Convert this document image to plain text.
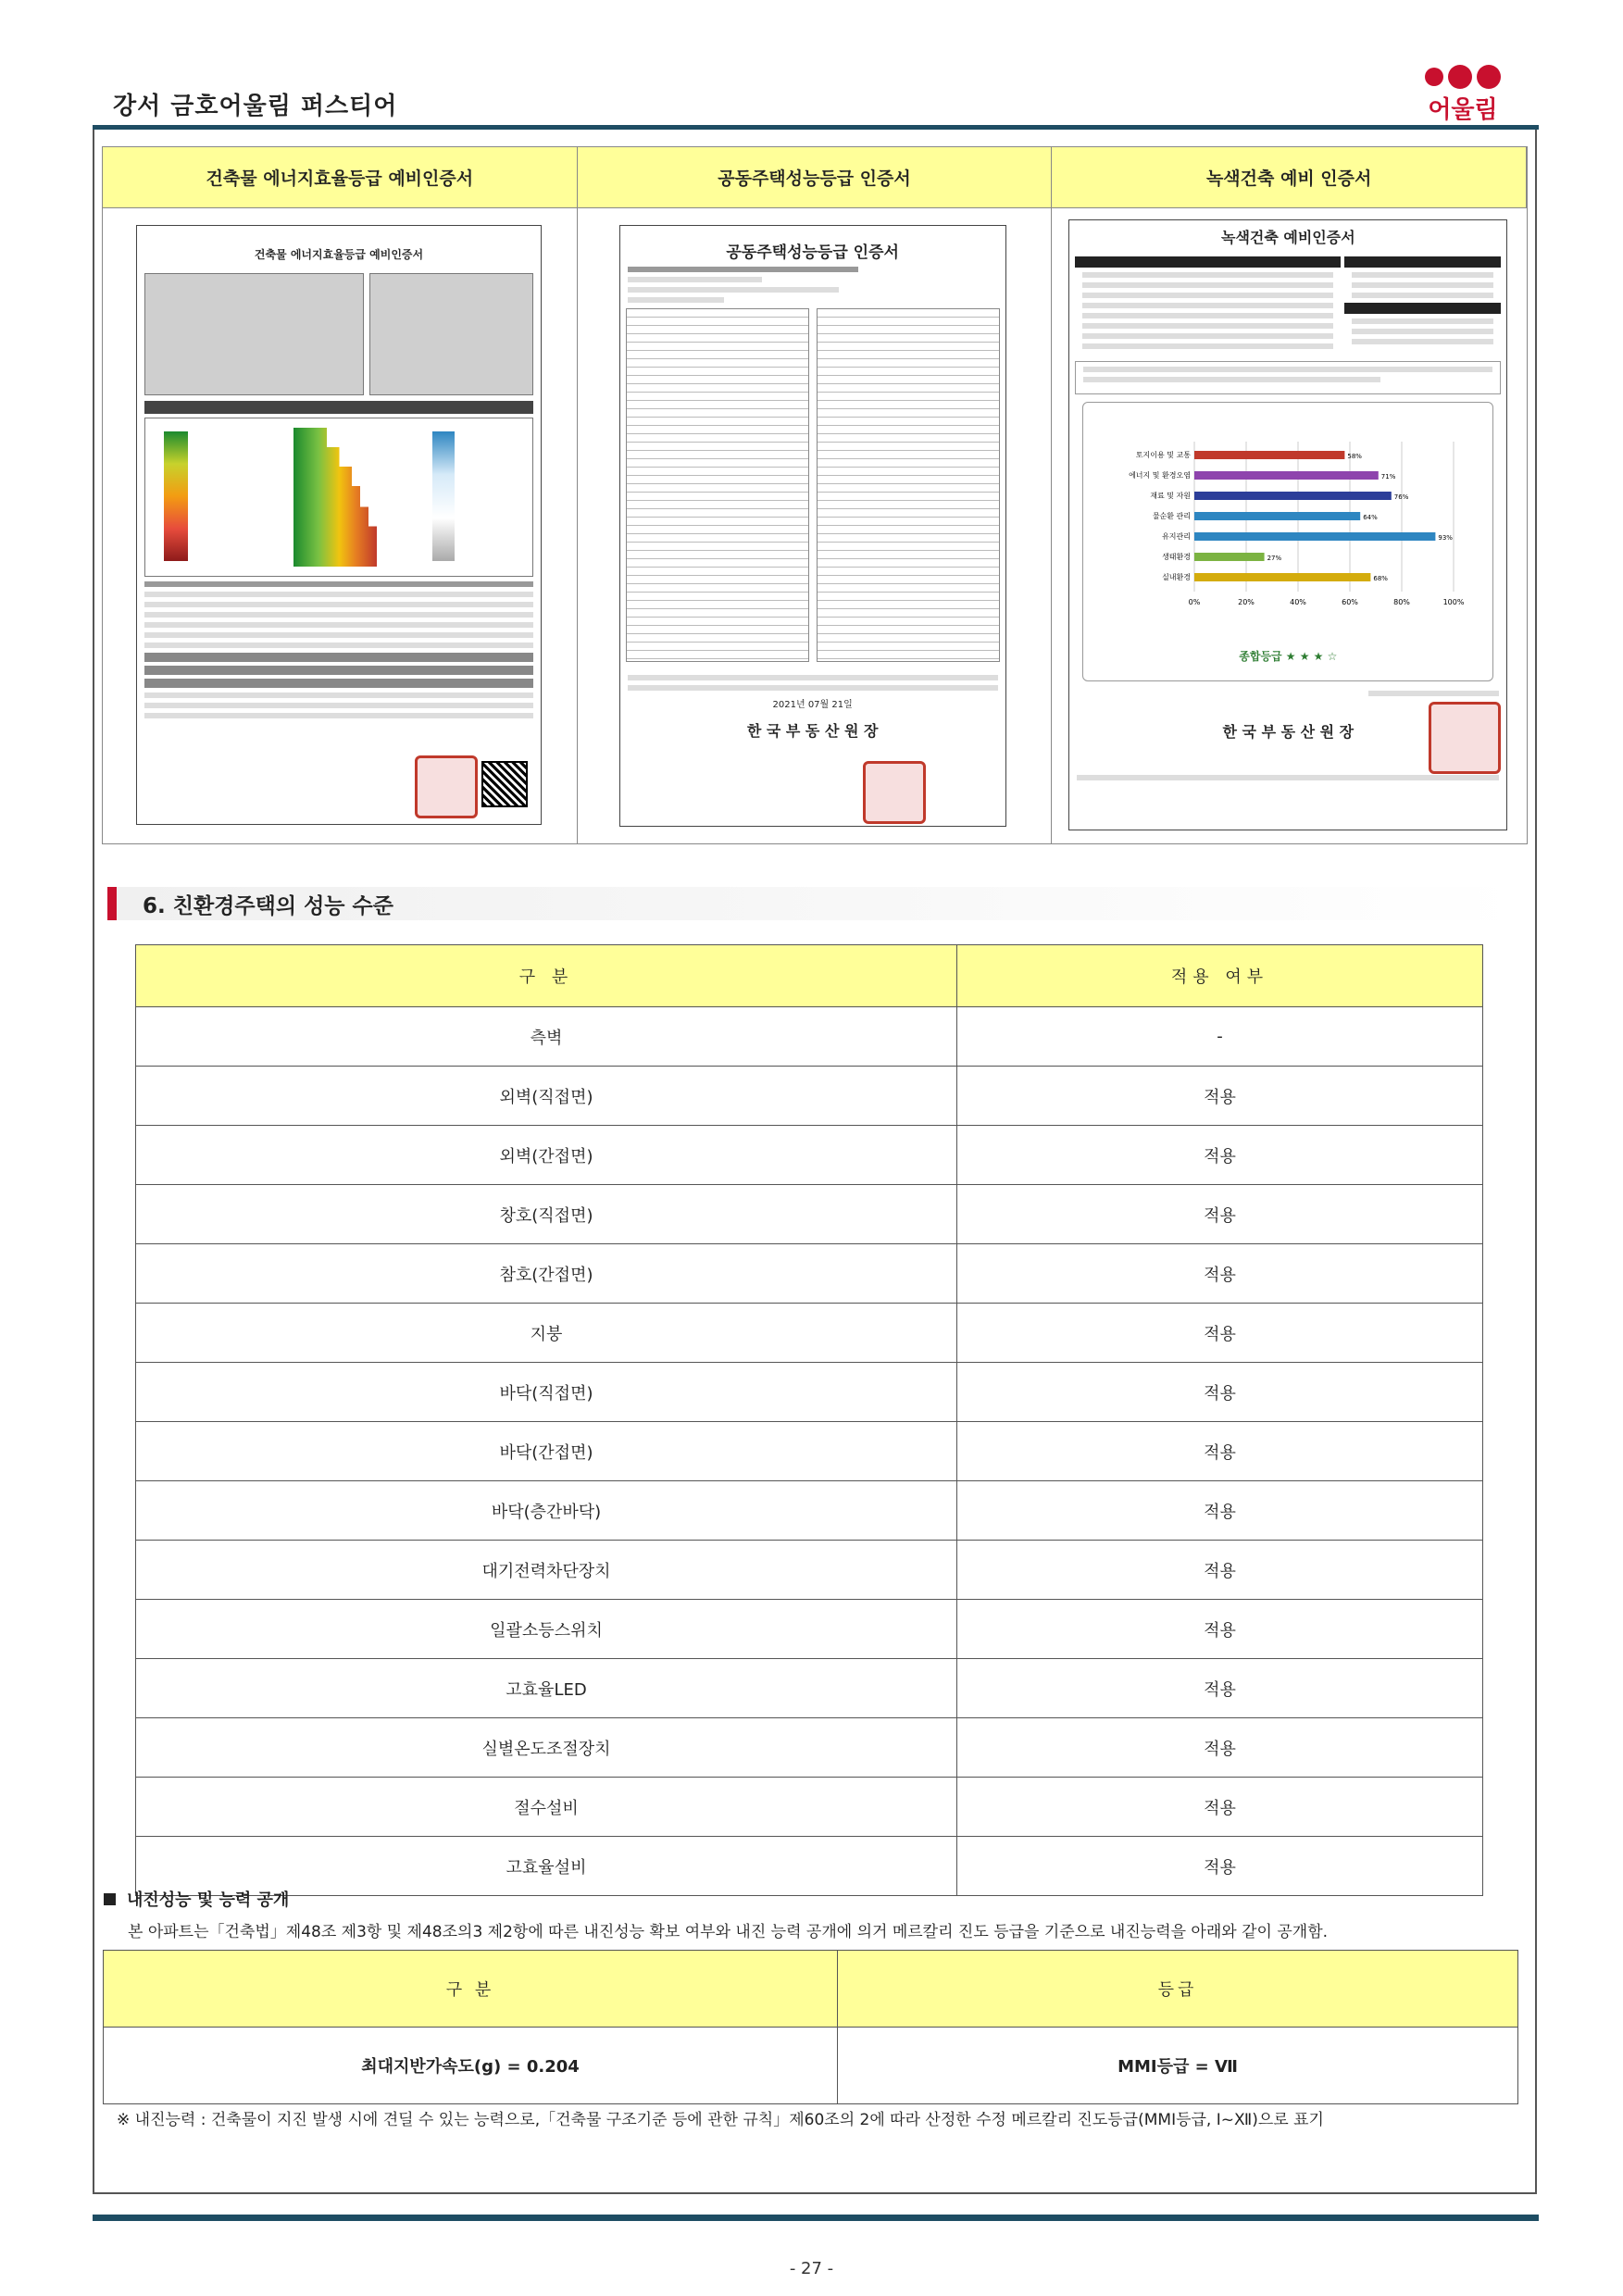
강서 금호어울림 퍼스티어	어울림
건축물 에너지효율등급 예비인증서	공동주택성능등급 인증서	녹색건축 예비 인증서
건축물 에너지효율등급 예비인증서	공동주택성능등급 인증서
2021년 07월 21일
한 국 부 동 산 원 장
녹색건축 예비인증서
0%	20%	40%	60%	80%	100%
토지이용 및 교통	58%
에너지 및 환경오염	71%
재료 및 자원	76%
물순환 관리	64%
유지관리	93%
생태환경	27%
실내환경	68%
종합등급 ★ ★ ★ ☆
한 국 부 동 산 원 장
6. 친환경주택의 성능 수준
구 분	적용 여부
측벽	-
외벽(직접면)	적용
외벽(간접면)	적용
창호(직접면)	적용
참호(간접면)	적용
지붕	적용
바닥(직접면)	적용
바닥(간접면)	적용
바닥(층간바닥)	적용
대기전력차단장치	적용
일괄소등스위치	적용
고효율LED	적용
실별온도조절장치	적용
절수설비	적용
고효율설비	적용
내진성능 및 능력 공개
본 아파트는「건축법」제48조 제3항 및 제48조의3 제2항에 따른 내진성능 확보 여부와 내진 능력 공개에 의거 메르칼리 진도 등급을 기준으로 내진능력을 아래와 같이 공개함.
구 분	등급
최대지반가속도(g) = 0.204	MMI등급 = Ⅶ
※ 내진능력 : 건축물이 지진 발생 시에 견딜 수 있는 능력으로,「건축물 구조기준 등에 관한 규칙」제60조의 2에 따라 산정한 수정 메르칼리 진도등급(MMI등급, Ⅰ~Ⅻ)으로 표기
- 27 -
